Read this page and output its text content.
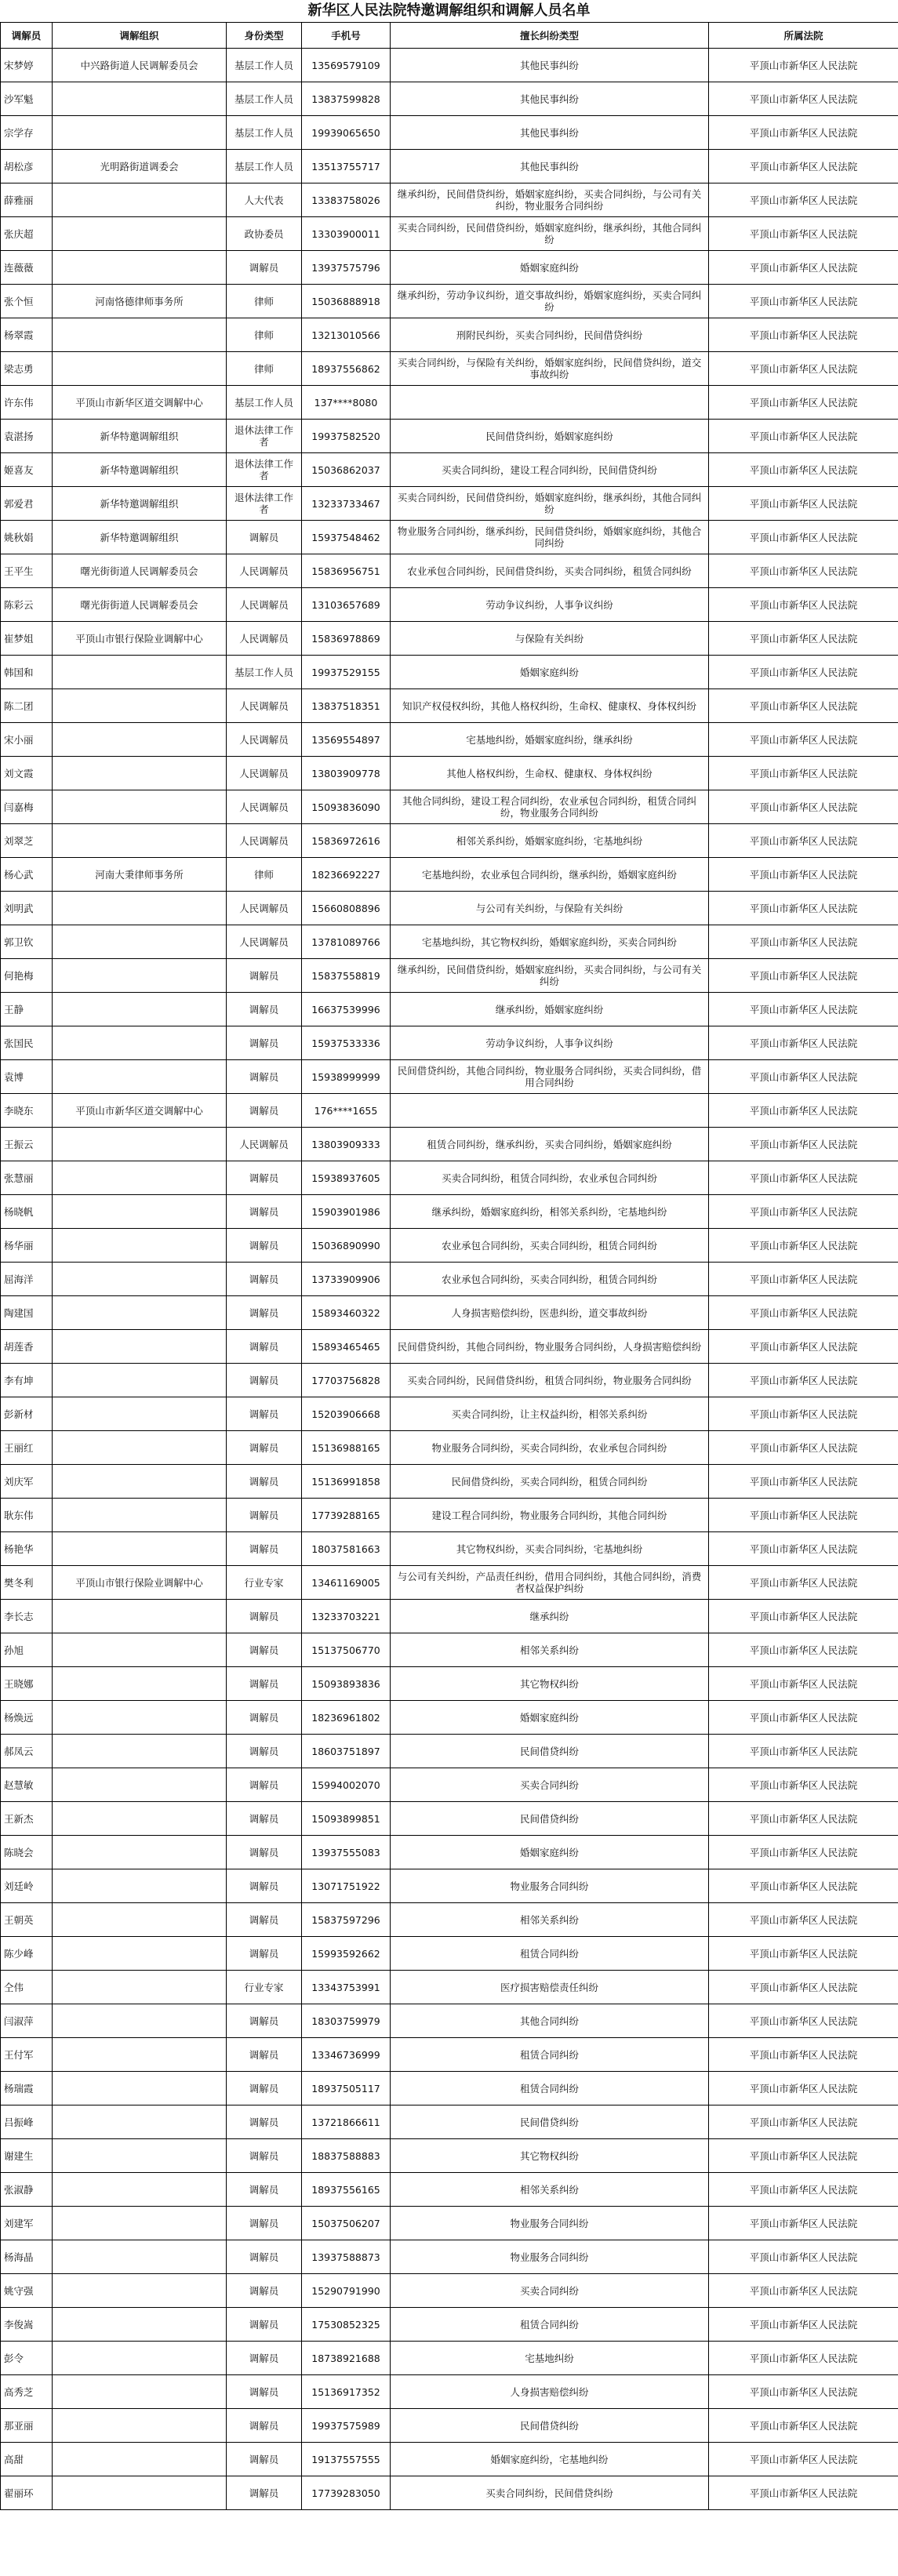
新华区人民法院特邀调解组织和调解人员名单
调解员	调解组织	身份类型	手机号	擅长纠纷类型	所属法院
宋梦婷	中兴路街道人民调解委员会	基层工作人员	13569579109	其他民事纠纷	平顶山市新华区人民法院
沙军魁		基层工作人员	13837599828	其他民事纠纷	平顶山市新华区人民法院
宗学存		基层工作人员	19939065650	其他民事纠纷	平顶山市新华区人民法院
胡松彦	光明路街道调委会	基层工作人员	13513755717	其他民事纠纷	平顶山市新华区人民法院
薛雅丽		人大代表	13383758026	继承纠纷，民间借贷纠纷，婚姻家庭纠纷，买卖合同纠纷，与公司有关纠纷，物业服务合同纠纷	平顶山市新华区人民法院
张庆超		政协委员	13303900011	买卖合同纠纷，民间借贷纠纷，婚姻家庭纠纷，继承纠纷，其他合同纠纷	平顶山市新华区人民法院
连薇薇		调解员	13937575796	婚姻家庭纠纷	平顶山市新华区人民法院
张个恒	河南恪德律师事务所	律师	15036888918	继承纠纷，劳动争议纠纷，道交事故纠纷，婚姻家庭纠纷，买卖合同纠纷	平顶山市新华区人民法院
杨翠霞		律师	13213010566	刑附民纠纷，买卖合同纠纷，民间借贷纠纷	平顶山市新华区人民法院
梁志勇		律师	18937556862	买卖合同纠纷，与保险有关纠纷，婚姻家庭纠纷，民间借贷纠纷，道交事故纠纷	平顶山市新华区人民法院
许东伟	平顶山市新华区道交调解中心	基层工作人员	137****8080		平顶山市新华区人民法院
袁湛扬	新华特邀调解组织	退休法律工作者	19937582520	民间借贷纠纷，婚姻家庭纠纷	平顶山市新华区人民法院
姬喜友	新华特邀调解组织	退休法律工作者	15036862037	买卖合同纠纷，建设工程合同纠纷，民间借贷纠纷	平顶山市新华区人民法院
郭爱君	新华特邀调解组织	退休法律工作者	13233733467	买卖合同纠纷，民间借贷纠纷，婚姻家庭纠纷，继承纠纷，其他合同纠纷	平顶山市新华区人民法院
姚秋娟	新华特邀调解组织	调解员	15937548462	物业服务合同纠纷，继承纠纷，民间借贷纠纷，婚姻家庭纠纷，其他合同纠纷	平顶山市新华区人民法院
王平生	曙光街街道人民调解委员会	人民调解员	15836956751	农业承包合同纠纷，民间借贷纠纷，买卖合同纠纷，租赁合同纠纷	平顶山市新华区人民法院
陈彩云	曙光街街道人民调解委员会	人民调解员	13103657689	劳动争议纠纷，人事争议纠纷	平顶山市新华区人民法院
崔梦姐	平顶山市银行保险业调解中心	人民调解员	15836978869	与保险有关纠纷	平顶山市新华区人民法院
韩国和		基层工作人员	19937529155	婚姻家庭纠纷	平顶山市新华区人民法院
陈二团		人民调解员	13837518351	知识产权侵权纠纷，其他人格权纠纷，生命权、健康权、身体权纠纷	平顶山市新华区人民法院
宋小丽		人民调解员	13569554897	宅基地纠纷，婚姻家庭纠纷，继承纠纷	平顶山市新华区人民法院
刘文霞		人民调解员	13803909778	其他人格权纠纷，生命权、健康权、身体权纠纷	平顶山市新华区人民法院
闫嘉梅		人民调解员	15093836090	其他合同纠纷，建设工程合同纠纷，农业承包合同纠纷，租赁合同纠纷，物业服务合同纠纷	平顶山市新华区人民法院
刘翠芝		人民调解员	15836972616	相邻关系纠纷，婚姻家庭纠纷，宅基地纠纷	平顶山市新华区人民法院
杨心武	河南大秉律师事务所	律师	18236692227	宅基地纠纷，农业承包合同纠纷，继承纠纷，婚姻家庭纠纷	平顶山市新华区人民法院
刘明武		人民调解员	15660808896	与公司有关纠纷，与保险有关纠纷	平顶山市新华区人民法院
郭卫钦		人民调解员	13781089766	宅基地纠纷，其它物权纠纷，婚姻家庭纠纷，买卖合同纠纷	平顶山市新华区人民法院
何艳梅		调解员	15837558819	继承纠纷，民间借贷纠纷，婚姻家庭纠纷，买卖合同纠纷，与公司有关纠纷	平顶山市新华区人民法院
王静		调解员	16637539996	继承纠纷，婚姻家庭纠纷	平顶山市新华区人民法院
张国民		调解员	15937533336	劳动争议纠纷，人事争议纠纷	平顶山市新华区人民法院
袁博		调解员	15938999999	民间借贷纠纷，其他合同纠纷，物业服务合同纠纷，买卖合同纠纷，借用合同纠纷	平顶山市新华区人民法院
李晓东	平顶山市新华区道交调解中心	调解员	176****1655		平顶山市新华区人民法院
王振云		人民调解员	13803909333	租赁合同纠纷，继承纠纷，买卖合同纠纷，婚姻家庭纠纷	平顶山市新华区人民法院
张慧丽		调解员	15938937605	买卖合同纠纷，租赁合同纠纷，农业承包合同纠纷	平顶山市新华区人民法院
杨晓帆		调解员	15903901986	继承纠纷，婚姻家庭纠纷，相邻关系纠纷，宅基地纠纷	平顶山市新华区人民法院
杨华丽		调解员	15036890990	农业承包合同纠纷，买卖合同纠纷，租赁合同纠纷	平顶山市新华区人民法院
屈海洋		调解员	13733909906	农业承包合同纠纷，买卖合同纠纷，租赁合同纠纷	平顶山市新华区人民法院
陶建国		调解员	15893460322	人身损害赔偿纠纷，医患纠纷，道交事故纠纷	平顶山市新华区人民法院
胡莲香		调解员	15893465465	民间借贷纠纷，其他合同纠纷，物业服务合同纠纷，人身损害赔偿纠纷	平顶山市新华区人民法院
李有坤		调解员	17703756828	买卖合同纠纷，民间借贷纠纷，租赁合同纠纷，物业服务合同纠纷	平顶山市新华区人民法院
彭新材		调解员	15203906668	买卖合同纠纷，让主权益纠纷，相邻关系纠纷	平顶山市新华区人民法院
王丽红		调解员	15136988165	物业服务合同纠纷，买卖合同纠纷，农业承包合同纠纷	平顶山市新华区人民法院
刘庆军		调解员	15136991858	民间借贷纠纷，买卖合同纠纷，租赁合同纠纷	平顶山市新华区人民法院
耿东伟		调解员	17739288165	建设工程合同纠纷，物业服务合同纠纷，其他合同纠纷	平顶山市新华区人民法院
杨艳华		调解员	18037581663	其它物权纠纷，买卖合同纠纷，宅基地纠纷	平顶山市新华区人民法院
樊冬利	平顶山市银行保险业调解中心	行业专家	13461169005	与公司有关纠纷，产品责任纠纷，借用合同纠纷，其他合同纠纷，消费者权益保护纠纷	平顶山市新华区人民法院
李长志		调解员	13233703221	继承纠纷	平顶山市新华区人民法院
孙旭		调解员	15137506770	相邻关系纠纷	平顶山市新华区人民法院
王晓娜		调解员	15093893836	其它物权纠纷	平顶山市新华区人民法院
杨焕远		调解员	18236961802	婚姻家庭纠纷	平顶山市新华区人民法院
郝凤云		调解员	18603751897	民间借贷纠纷	平顶山市新华区人民法院
赵慧敏		调解员	15994002070	买卖合同纠纷	平顶山市新华区人民法院
王新杰		调解员	15093899851	民间借贷纠纷	平顶山市新华区人民法院
陈晓会		调解员	13937555083	婚姻家庭纠纷	平顶山市新华区人民法院
刘廷岭		调解员	13071751922	物业服务合同纠纷	平顶山市新华区人民法院
王朝英		调解员	15837597296	相邻关系纠纷	平顶山市新华区人民法院
陈少峰		调解员	15993592662	租赁合同纠纷	平顶山市新华区人民法院
仝伟		行业专家	13343753991	医疗损害赔偿责任纠纷	平顶山市新华区人民法院
闫淑萍		调解员	18303759979	其他合同纠纷	平顶山市新华区人民法院
王付军		调解员	13346736999	租赁合同纠纷	平顶山市新华区人民法院
杨瑞霞		调解员	18937505117	租赁合同纠纷	平顶山市新华区人民法院
吕振峰		调解员	13721866611	民间借贷纠纷	平顶山市新华区人民法院
谢建生		调解员	18837588883	其它物权纠纷	平顶山市新华区人民法院
张淑静		调解员	18937556165	相邻关系纠纷	平顶山市新华区人民法院
刘建军		调解员	15037506207	物业服务合同纠纷	平顶山市新华区人民法院
杨海晶		调解员	13937588873	物业服务合同纠纷	平顶山市新华区人民法院
姚守强		调解员	15290791990	买卖合同纠纷	平顶山市新华区人民法院
李俊嵩		调解员	17530852325	租赁合同纠纷	平顶山市新华区人民法院
彭令		调解员	18738921688	宅基地纠纷	平顶山市新华区人民法院
高秀芝		调解员	15136917352	人身损害赔偿纠纷	平顶山市新华区人民法院
那亚丽		调解员	19937575989	民间借贷纠纷	平顶山市新华区人民法院
高甜		调解员	19137557555	婚姻家庭纠纷，宅基地纠纷	平顶山市新华区人民法院
翟丽环		调解员	17739283050	买卖合同纠纷，民间借贷纠纷	平顶山市新华区人民法院
